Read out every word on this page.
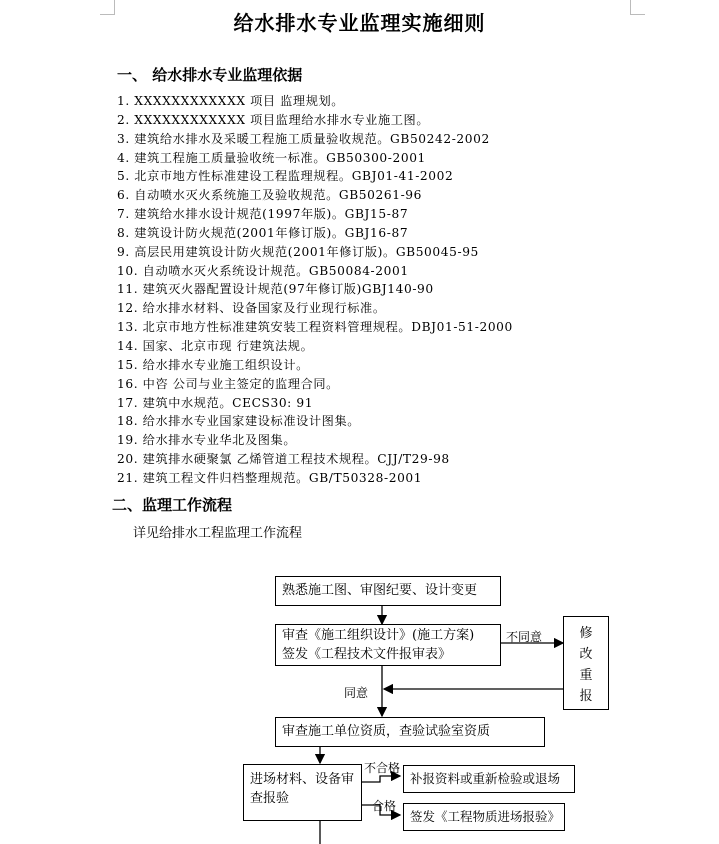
给水排水专业监理实施细则
一、 给水排水专业监理依据
1. XXXXXXXXXXXX 项目 监理规划。
2. XXXXXXXXXXXX 项目监理给水排水专业施工图。
3. 建筑给水排水及采暖工程施工质量验收规范。GB50242-2002
4. 建筑工程施工质量验收统一标准。GB50300-2001
5. 北京市地方性标准建设工程监理规程。GBJ01-41-2002
6. 自动喷水灭火系统施工及验收规范。GB50261-96
7. 建筑给水排水设计规范(1997年版)。GBJ15-87
8. 建筑设计防火规范(2001年修订版)。GBJ16-87
9. 高层民用建筑设计防火规范(2001年修订版)。GB50045-95
10. 自动喷水灭火系统设计规范。GB50084-2001
11. 建筑灭火器配置设计规范(97年修订版)GBJ140-90
12. 给水排水材料、设备国家及行业现行标准。
13. 北京市地方性标准建筑安装工程资料管理规程。DBJ01-51-2000
14. 国家、北京市现 行建筑法规。
15. 给水排水专业施工组织设计。
16. 中咨 公司与业主签定的监理合同。
17. 建筑中水规范。CECS30: 91
18. 给水排水专业国家建设标准设计图集。
19. 给水排水专业华北及图集。
20. 建筑排水硬聚氯 乙烯管道工程技术规程。CJJ/T29-98
21. 建筑工程文件归档整理规范。GB/T50328-2001
二、监理工作流程
详见给排水工程监理工作流程
熟悉施工图、审图纪要、设计变更
审查《施工组织设计》(施工方案)
签发《工程技术文件报审表》
修改重报
不同意
同意
审查施工单位资质，查验试验室资质
进场材料、设备审查报验
不合格
合格
补报资料或重新检验或退场
签发《工程物质进场报验》
